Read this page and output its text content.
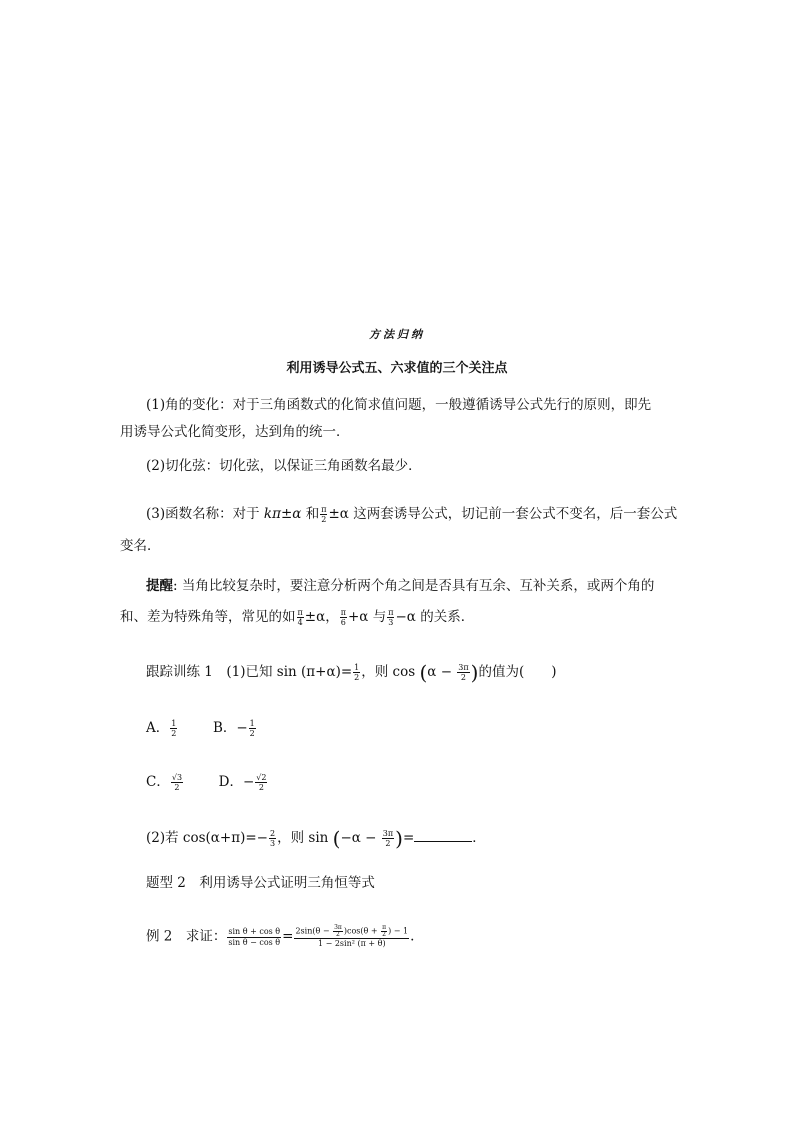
方法归纳
利用诱导公式五、六求值的三个关注点
(1)角的变化：对于三角函数式的化简求值问题，一般遵循诱导公式先行的原则，即先
用诱导公式化简变形，达到角的统一．
(2)切化弦：切化弦，以保证三角函数名最少．
(3)函数名称：对于 kπ±α 和 $\frac{\pi}{2} \pm\alpha$ 这两套诱导公式，切记前一套公式不变名，后一套公式
变名．
提醒: 当角比较复杂时，要注意分析两个角之间是否具有互余、互补关系，或两个角的
和、差为特殊角等，常见的如 $\frac{\pi}{4} \pm\alpha$， $\frac{\pi}{6} +\alpha$ 与 $\frac{\pi}{3} -\alpha$ 的关系．
跟踪训练 1　(1)已知 $\sin (\pi+\alpha)= \frac{1}{2}$ ，则 $\cos (\alpha - \frac{3\pi}{2}$ )的值为(　　)
A． $\frac{1}{2}$	B．− $\frac{1}{2}$
C． $\frac{√3}{2}$	D．− $\frac{√2}{2}$
(2)若 $\cos(\alpha+\pi)=- \frac{2}{3}$ ，则 $\sin (-\alpha - \frac{3\pi}{2}$ )=	．
题型 2　利用诱导公式证明三角恒等式
例 2　求证： $\frac{\text{sin θ + cos θ}}{\text{sin θ − cos θ}} = \frac{2\sin(\theta - \frac{3\pi}{2} )\cos(\theta + \frac{\pi}{2} ) - 1}{\text{1 − 2sin² (π + θ)}}$ .
